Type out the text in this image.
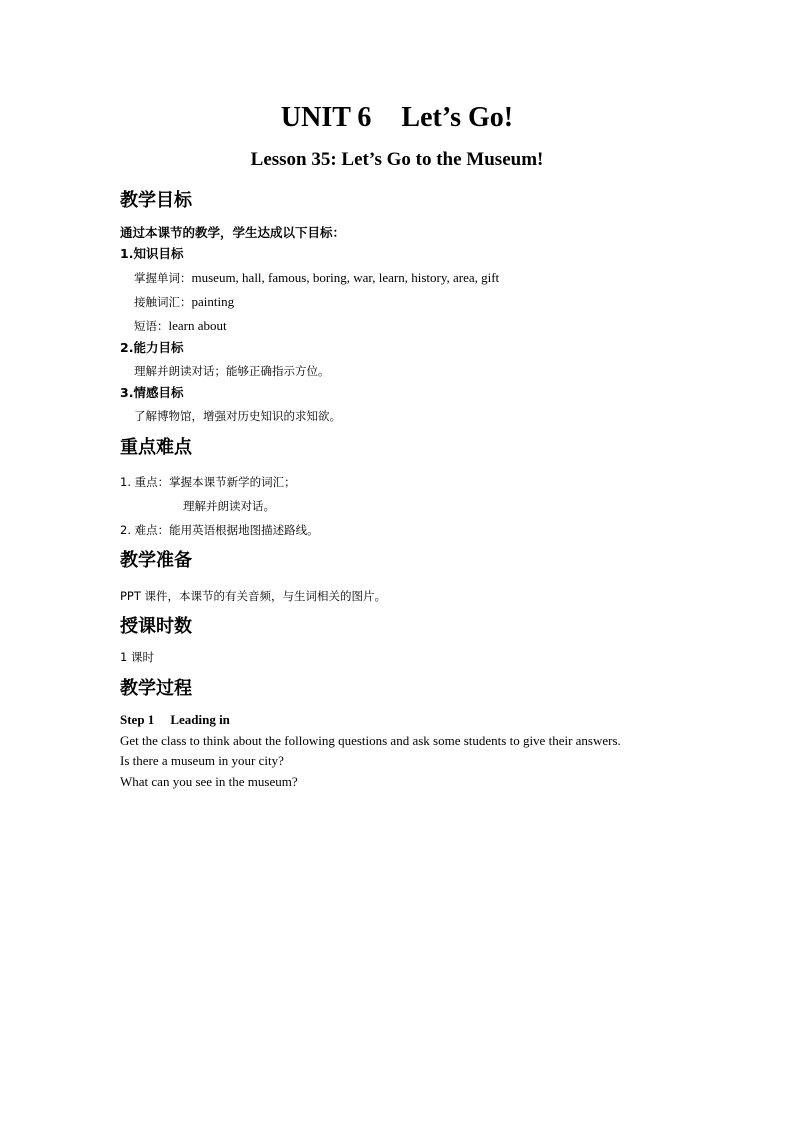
UNIT 6 Let’s Go!
Lesson 35: Let’s Go to the Museum!
教学目标
通过本课节的教学，学生达成以下目标：
1.知识目标
掌握单词：museum, hall, famous, boring, war, learn, history, area, gift
接触词汇：painting
短语：learn about
2.能力目标
理解并朗读对话；能够正确指示方位。
3.情感目标
了解博物馆，增强对历史知识的求知欲。
重点难点
1. 重点：掌握本课节新学的词汇；
理解并朗读对话。
2. 难点：能用英语根据地图描述路线。
教学准备
PPT 课件，本课节的有关音频，与生词相关的图片。
授课时数
1 课时
教学过程
Step 1 Leading in
Get the class to think about the following questions and ask some students to give their answers.
Is there a museum in your city?
What can you see in the museum?
